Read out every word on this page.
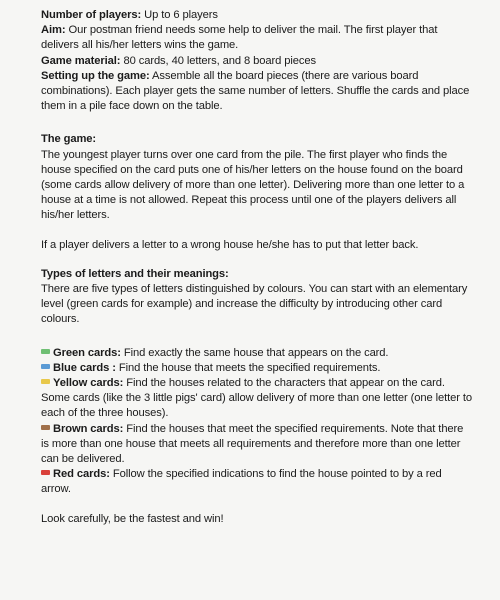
Number of players: Up to 6 players

Aim: Our postman friend needs some help to deliver the mail. The first player that delivers all his/her letters wins the game.

Game material: 80 cards, 40 letters, and 8 board pieces

Setting up the game: Assemble all the board pieces (there are various board combinations). Each player gets the same number of letters. Shuffle the cards and place them in a pile face down on the table.

The game:

The youngest player turns over one card from the pile. The first player who finds the house specified on the card puts one of his/her letters on the house found on the board (some cards allow delivery of more than one letter). Delivering more than one letter to a house at a time is not allowed. Repeat this process until one of the players delivers all his/her letters.

If a player delivers a letter to a wrong house he/she has to put that letter back.

Types of letters and their meanings:

There are five types of letters distinguished by colours. You can start with an elementary level (green cards for example) and increase the difficulty by introducing other card colours.

Green cards: Find exactly the same house that appears on the card.

Blue cards : Find the house that meets the specified requirements.

Yellow cards: Find the houses related to the characters that appear on the card.

Some cards (like the 3 little pigs' card) allow delivery of more than one letter (one letter to each of the three houses).

Brown cards: Find the houses that meet the specified requirements. Note that there is more than one house that meets all requirements and therefore more than one letter can be delivered.

Red cards: Follow the specified indications to find the house pointed to by a red arrow.

Look carefully, be the fastest and win!
